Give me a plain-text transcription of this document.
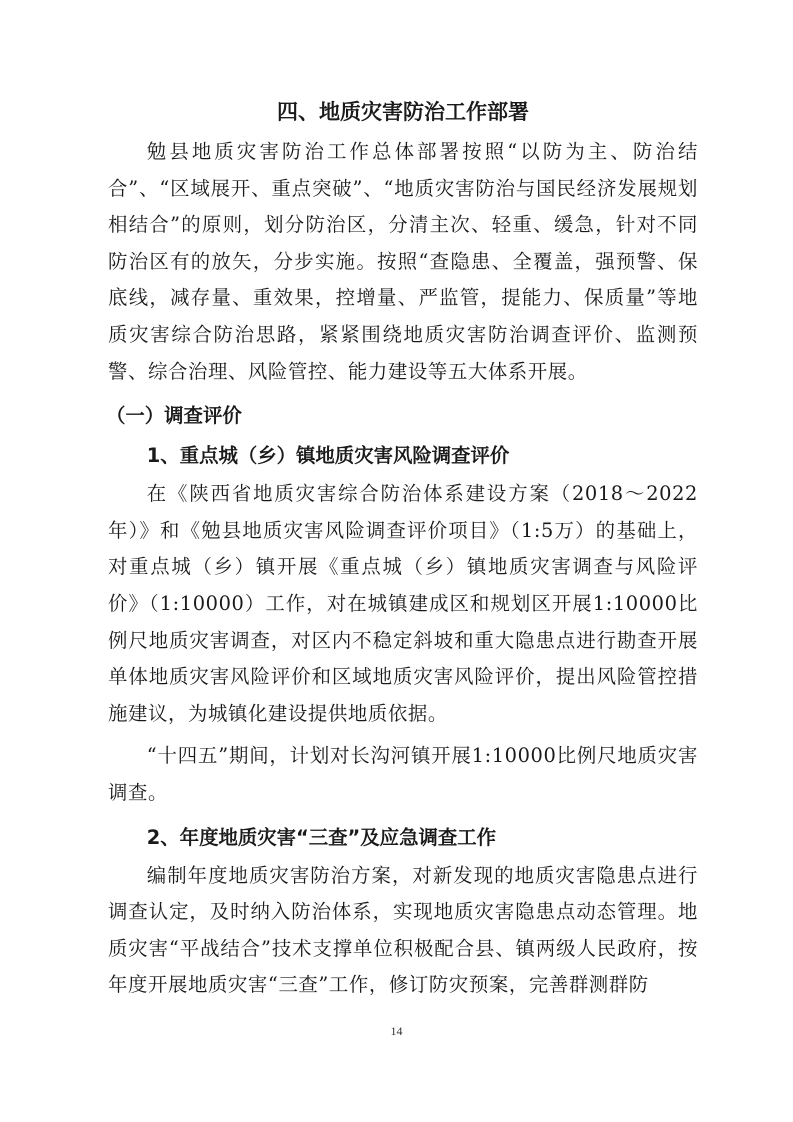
四、地质灾害防治工作部署

勉县地质灾害防治工作总体部署按照“以防为主、防治结合”、“区域展开、重点突破”、“地质灾害防治与国民经济发展规划相结合”的原则，划分防治区，分清主次、轻重、缓急，针对不同防治区有的放矢，分步实施。按照“查隐患、全覆盖，强预警、保底线，减存量、重效果，控增量、严监管，提能力、保质量”等地质灾害综合防治思路，紧紧围绕地质灾害防治调查评价、监测预警、综合治理、风险管控、能力建设等五大体系开展。

（一）调查评价
1、重点城（乡）镇地质灾害风险调查评价

在《陕西省地质灾害综合防治体系建设方案（2018～2022年）》和《勉县地质灾害风险调查评价项目》（1:5万）的基础上，对重点城（乡）镇开展《重点城（乡）镇地质灾害调查与风险评价》（1:10000）工作，对在城镇建成区和规划区开展1:10000比例尺地质灾害调查，对区内不稳定斜坡和重大隐患点进行勘查开展单体地质灾害风险评价和区域地质灾害风险评价，提出风险管控措施建议，为城镇化建设提供地质依据。

“十四五”期间，计划对长沟河镇开展1:10000比例尺地质灾害调查。

2、年度地质灾害“三查”及应急调查工作

编制年度地质灾害防治方案，对新发现的地质灾害隐患点进行调查认定，及时纳入防治体系，实现地质灾害隐患点动态管理。地质灾害“平战结合”技术支撑单位积极配合县、镇两级人民政府，按年度开展地质灾害“三查”工作，修订防灾预案，完善群测群防

14
